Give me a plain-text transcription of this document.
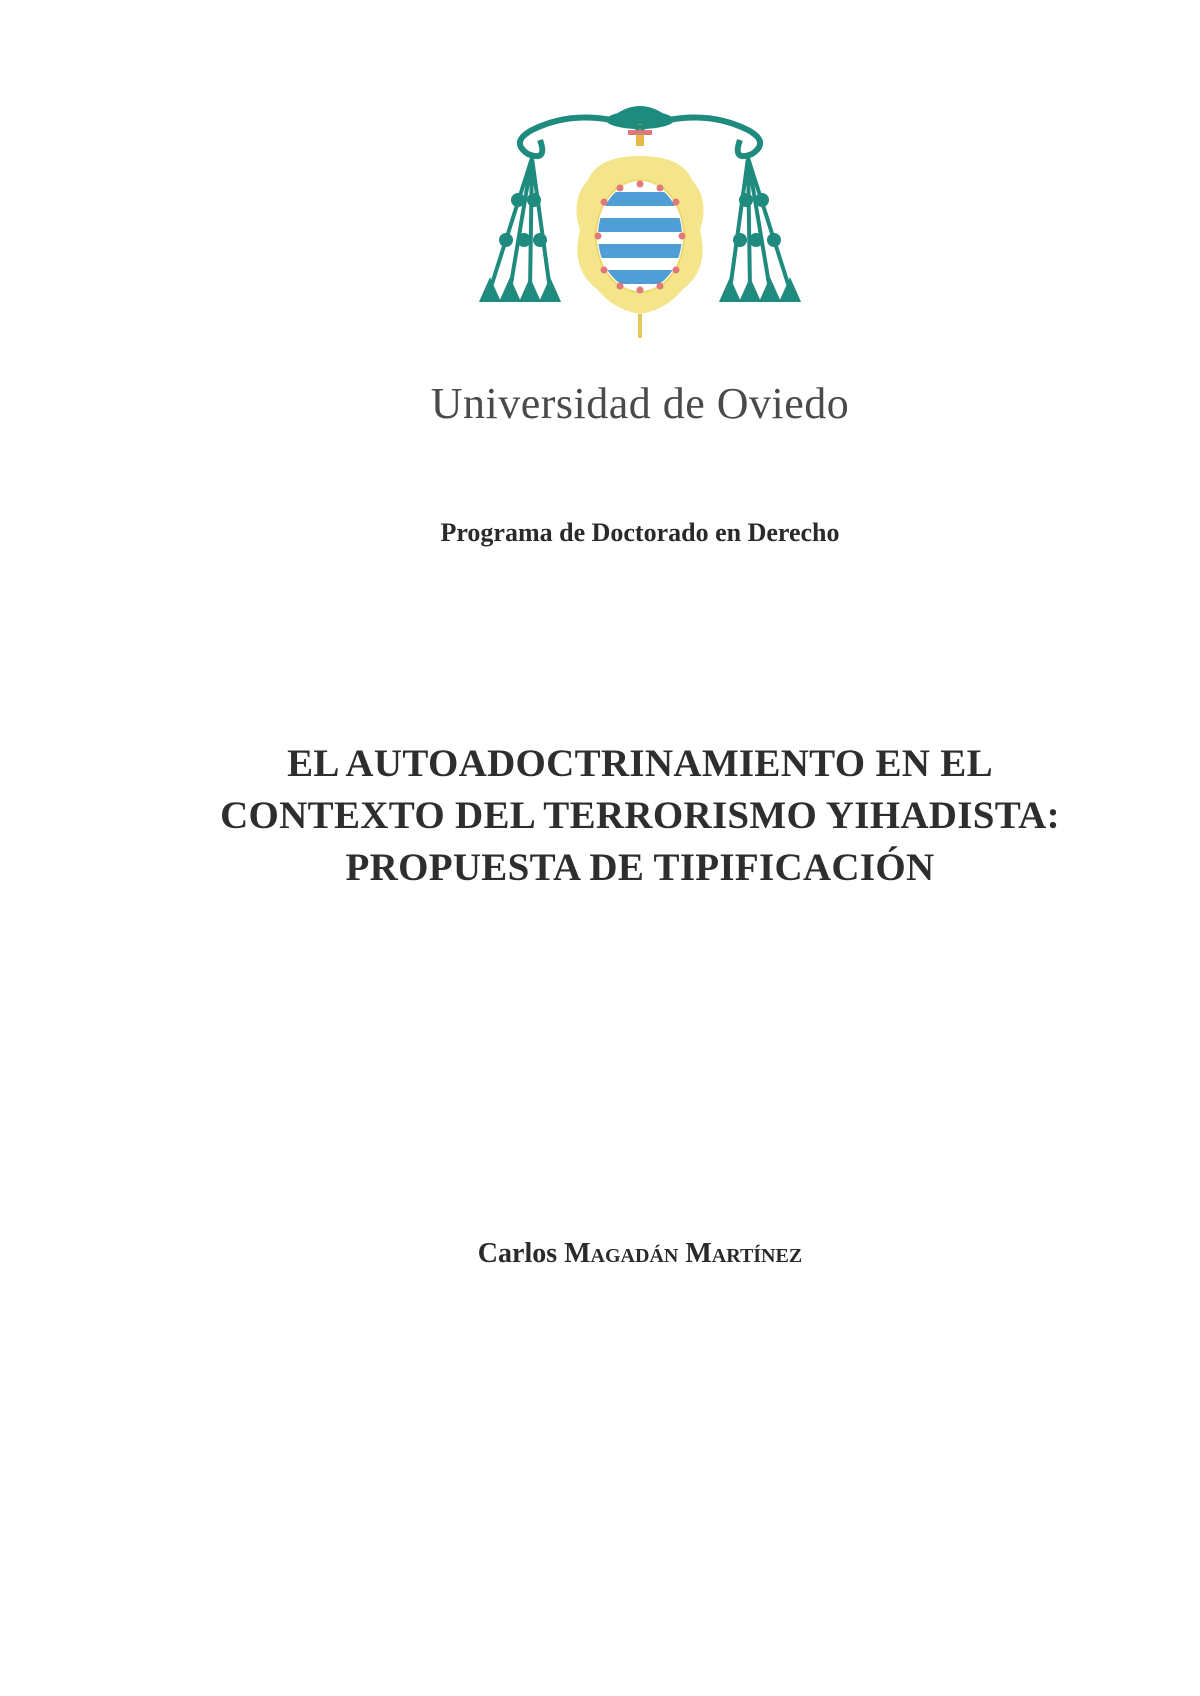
Universidad de Oviedo
Programa de Doctorado en Derecho
EL AUTOADOCTRINAMIENTO EN EL
CONTEXTO DEL TERRORISMO YIHADISTA:
PROPUESTA DE TIPIFICACIÓN
Carlos Magadán Martínez
